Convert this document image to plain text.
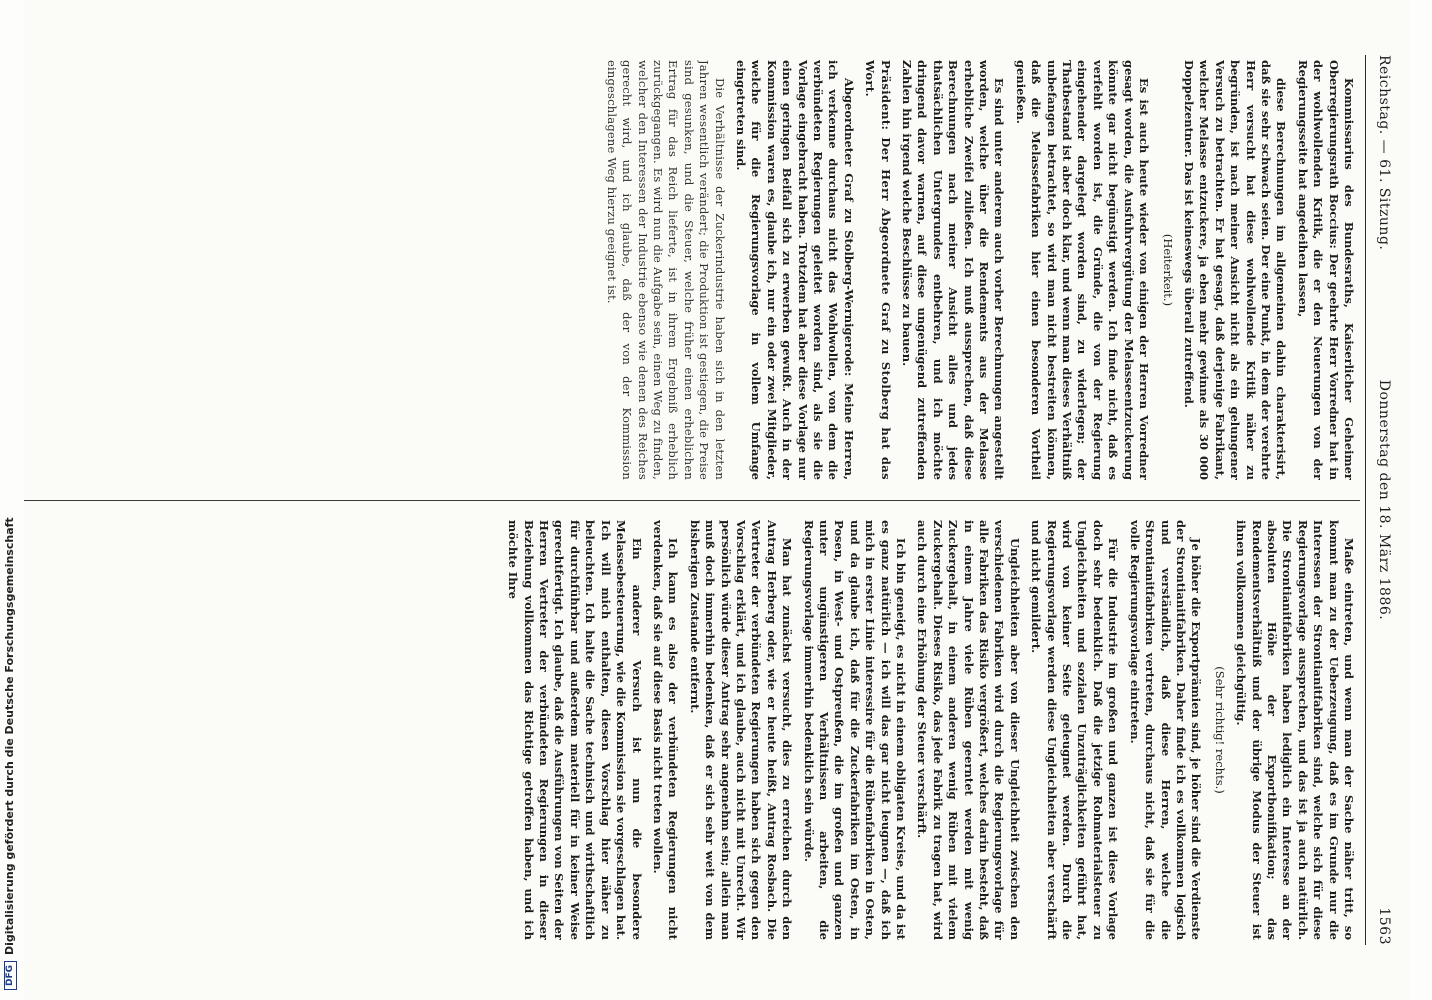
Reichstag. — 61. Sitzung.
Donnerstag den 18. März 1886.
1563

Kommissarius des Bundesraths, Kaiserlicher Geheimer Oberregierungsrath Boccius: Der geehrte Herr Vorredner hat in der wohlwollenden Kritik, die er den Neuerungen von der Regierungsseite hat angedeihen lassen,

diese Berechnungen im allgemeinen dahin charakterisirt, daß sie sehr schwach seien. Der eine Punkt, in dem der verehrte Herr versucht hat diese wohlwollende Kritik näher zu begründen, ist nach meiner Ansicht nicht als ein gelungener Versuch zu betrachten. Er hat gesagt, daß derjenige Fabrikant, welcher Melasse entzuckere, ja eben mehr gewinne als 30 000 Doppelzentner. Das ist keineswegs überall zutreffend.

(Heiterkeit.)

Es ist auch heute wieder von einigen der Herren Vorredner gesagt worden, die Ausfuhrvergütung der Melasseentzuckerung könnte gar nicht begünstigt werden. Ich finde nicht, daß es verfehlt worden ist, die Gründe, die von der Regierung eingehender dargelegt worden sind, zu widerlegen; der Thatbestand ist aber doch klar, und wenn man dieses Verhältniß unbefangen betrachtet, so wird man nicht bestreiten können, daß die Melassefabriken hier einen besonderen Vortheil genießen.

Es sind unter anderem auch vorher Berechnungen angestellt worden, welche über die Rendements aus der Melasse erhebliche Zweifel zuließen. Ich muß aussprechen, daß diese Berechnungen nach meiner Ansicht alles und jedes thatsächlichen Untergrundes entbehren, und ich möchte dringend davor warnen, auf diese ungenügend zutreffenden Zahlen hin irgend welche Beschlüsse zu bauen.

Präsident: Der Herr Abgeordnete Graf zu Stolberg hat das Wort.

Abgeordneter Graf zu Stolberg-Wernigerode: Meine Herren, ich verkenne durchaus nicht das Wohlwollen, von dem die verbündeten Regierungen geleitet worden sind, als sie die Vorlage eingebracht haben. Trotzdem hat aber diese Vorlage nur einen geringen Beifall sich zu erwerben gewußt. Auch in der Kommission waren es, glaube ich, nur ein oder zwei Mitglieder, welche für die Regierungsvorlage in vollem Umfange eingetreten sind.

Die Verhältnisse der Zuckerindustrie haben sich in den letzten Jahren wesentlich verändert; die Produktion ist gestiegen, die Preise sind gesunken, und die Steuer, welche früher einen erheblichen Ertrag für das Reich lieferte, ist in ihrem Ergebniß erheblich zurückgegangen. Es wird nun die Aufgabe sein, einen Weg zu finden, welcher den Interessen der Industrie ebenso wie denen des Reiches gerecht wird, und ich glaube, daß der von der Kommission eingeschlagene Weg hierzu geeignet ist.

Maße eintreten, und wenn man der Sache näher tritt, so kommt man zu der Ueberzeugung, daß es im Grunde nur die Interessen der Strontianitfabriken sind, welche sich für diese Regierungsvorlage aussprechen, und das ist ja auch natürlich. Die Strontianitfabriken haben lediglich ein Interesse an der absoluten Höhe der Exportbonifikation; das Rendementsverhältniß und der übrige Modus der Steuer ist ihnen vollkommen gleichgültig.

(Sehr richtig! rechts.)

Je höher die Exportprämien sind, je höher sind die Verdienste der Strontianitfabriken. Daher finde ich es vollkommen logisch und verständlich, daß diese Herren, welche die Strontianitfabriken vertreten, durchaus nicht, daß sie für die volle Regierungsvorlage eintreten.

Für die Industrie im großen und ganzen ist diese Vorlage doch sehr bedenklich. Daß die jetzige Rohmaterialsteuer zu Ungleichheiten und sozialen Unzuträglichkeiten geführt hat, wird von keiner Seite geleugnet werden. Durch die Regierungsvorlage werden diese Ungleichheiten aber verschärft und nicht gemildert.

Ungleichheiten aber von dieser Ungleichheit zwischen den verschiedenen Fabriken wird durch die Regierungsvorlage für alle Fabriken das Risiko vergrößert, welches darin besteht, daß in einem Jahre viele Rüben geerntet werden mit wenig Zuckergehalt, in einem anderen wenig Rüben mit vielem Zuckergehalt. Dieses Risiko, das jede Fabrik zu tragen hat, wird auch durch eine Erhöhung der Steuer verschärft.

Ich bin geneigt, es nicht in einem obligaten Kreise, und da ist es ganz natürlich — ich will das gar nicht leugnen —, daß ich mich in erster Linie interessire für die Rübenfabriken in Osten, und da glaube ich, daß für die Zuckerfabriken im Osten, in Posen, in West- und Ostpreußen, die im großen und ganzen unter ungünstigeren Verhältnissen arbeiten, die Regierungsvorlage immerhin bedenklich sein würde.

Man hat zunächst versucht, dies zu erreichen durch den Antrag Herberg oder, wie er heute heißt, Antrag Rosbach. Die Vertreter der verbündeten Regierungen haben sich gegen den Vorschlag erklärt, und ich glaube, auch nicht mit Unrecht. Wir persönlich würde dieser Antrag sehr angenehm sein; allein man muß doch immerhin bedenken, daß er sich sehr weit von dem bisherigen Zustande entfernt.

Ich kann es also der verbündeten Regierungen nicht verdenken, daß sie auf diese Basis nicht treten wollen.

Ein anderer Versuch ist nun die besondere Melassebesteuerung, wie die Kommission sie vorgeschlagen hat. Ich will mich enthalten, diesen Vorschlag hier näher zu beleuchten. Ich halte die Sache technisch und wirthschaftlich für durchführbar und außerdem materiell für in keiner Weise gerechtfertigt. Ich glaube, daß die Ausführungen von Seiten der Herren Vertreter der verbündeten Regierungen in dieser Beziehung vollkommen das Richtige getroffen haben, und ich möchte Ihre

DFGDigitalisierung gefördert durch die Deutsche Forschungsgemeinschaft
